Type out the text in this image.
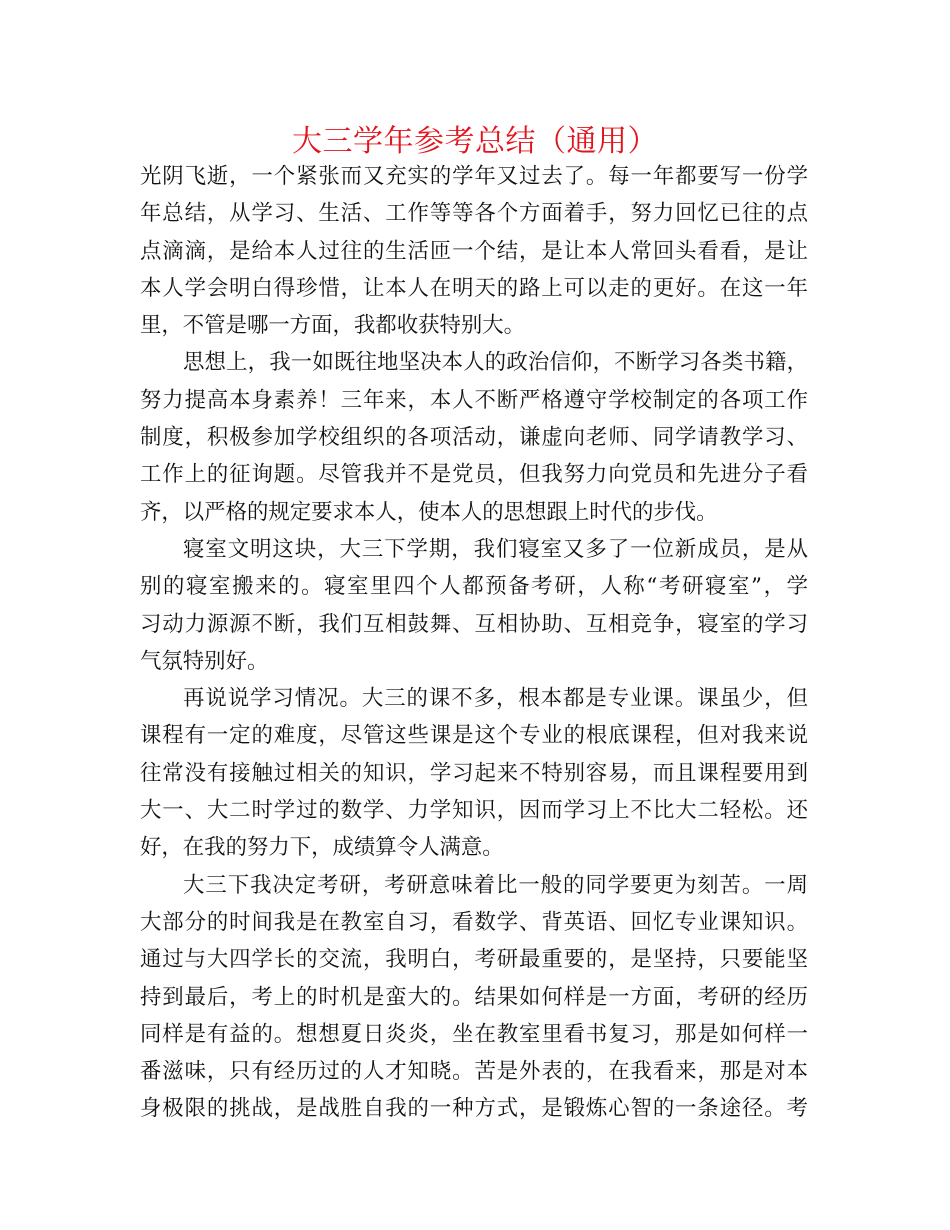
大三学年参考总结（通用）
光阴飞逝，一个紧张而又充实的学年又过去了。每一年都要写一份学
年总结，从学习、生活、工作等等各个方面着手，努力回忆已往的点
点滴滴，是给本人过往的生活匝一个结，是让本人常回头看看，是让
本人学会明白得珍惜，让本人在明天的路上可以走的更好。在这一年
里，不管是哪一方面，我都收获特别大。
思想上，我一如既往地坚决本人的政治信仰，不断学习各类书籍，
努力提高本身素养！三年来，本人不断严格遵守学校制定的各项工作
制度，积极参加学校组织的各项活动，谦虚向老师、同学请教学习、
工作上的征询题。尽管我并不是党员，但我努力向党员和先进分子看
齐，以严格的规定要求本人，使本人的思想跟上时代的步伐。
寝室文明这块，大三下学期，我们寝室又多了一位新成员，是从
别的寝室搬来的。寝室里四个人都预备考研，人称“考研寝室”，学
习动力源源不断，我们互相鼓舞、互相协助、互相竞争，寝室的学习
气氛特别好。
再说说学习情况。大三的课不多，根本都是专业课。课虽少，但
课程有一定的难度，尽管这些课是这个专业的根底课程，但对我来说
往常没有接触过相关的知识，学习起来不特别容易，而且课程要用到
大一、大二时学过的数学、力学知识，因而学习上不比大二轻松。还
好，在我的努力下，成绩算令人满意。
大三下我决定考研，考研意味着比一般的同学要更为刻苦。一周
大部分的时间我是在教室自习，看数学、背英语、回忆专业课知识。
通过与大四学长的交流，我明白，考研最重要的，是坚持，只要能坚
持到最后，考上的时机是蛮大的。结果如何样是一方面，考研的经历
同样是有益的。想想夏日炎炎，坐在教室里看书复习，那是如何样一
番滋味，只有经历过的人才知晓。苦是外表的，在我看来，那是对本
身极限的挑战，是战胜自我的一种方式，是锻炼心智的一条途径。考
